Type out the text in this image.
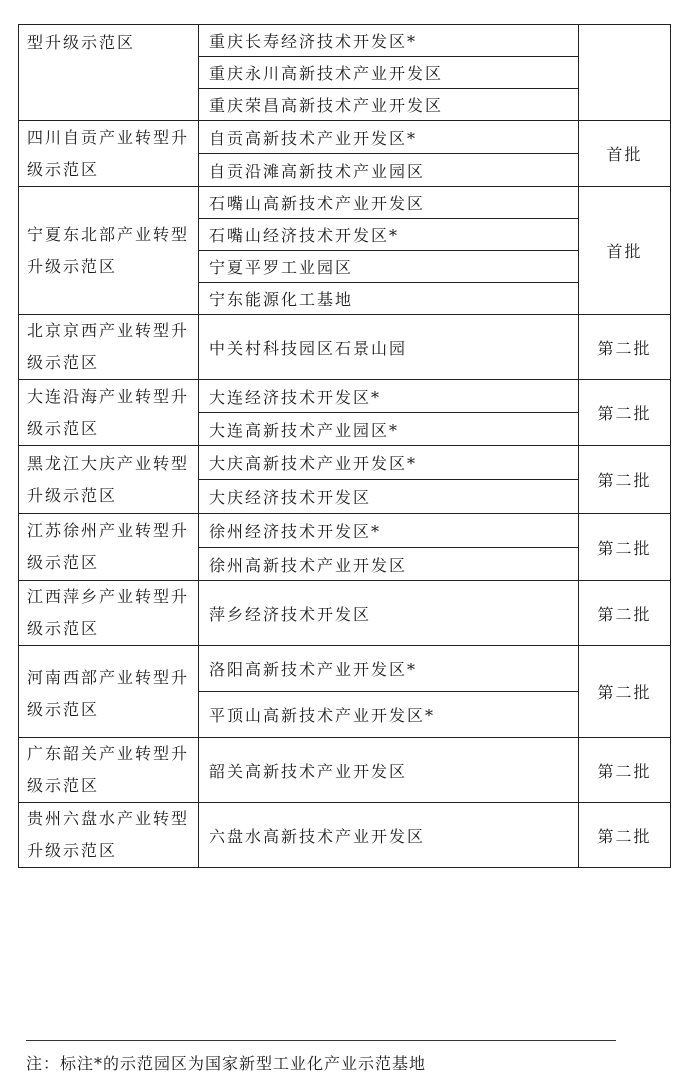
型升级示范区	重庆长寿经济技术开发区*
重庆永川高新技术产业开发区
重庆荣昌高新技术产业开发区	

四川自贡产业转型升级示范区	自贡高新技术产业开发区*
自贡沿滩高新技术产业园区	首批
宁夏东北部产业转型升级示范区	石嘴山高新技术产业开发区
石嘴山经济技术开发区*
宁夏平罗工业园区
宁东能源化工基地	首批
北京京西产业转型升级示范区	中关村科技园区石景山园	第二批
大连沿海产业转型升级示范区	大连经济技术开发区*
大连高新技术产业园区*	第二批
黑龙江大庆产业转型升级示范区	大庆高新技术产业开发区*
大庆经济技术开发区	第二批
江苏徐州产业转型升级示范区	徐州经济技术开发区*
徐州高新技术产业开发区	第二批
江西萍乡产业转型升级示范区	萍乡经济技术开发区	第二批
河南西部产业转型升级示范区	洛阳高新技术产业开发区*
平顶山高新技术产业开发区*	第二批
广东韶关产业转型升级示范区	韶关高新技术产业开发区	第二批
贵州六盘水产业转型升级示范区	六盘水高新技术产业开发区	第二批
注：标注*的示范园区为国家新型工业化产业示范基地
